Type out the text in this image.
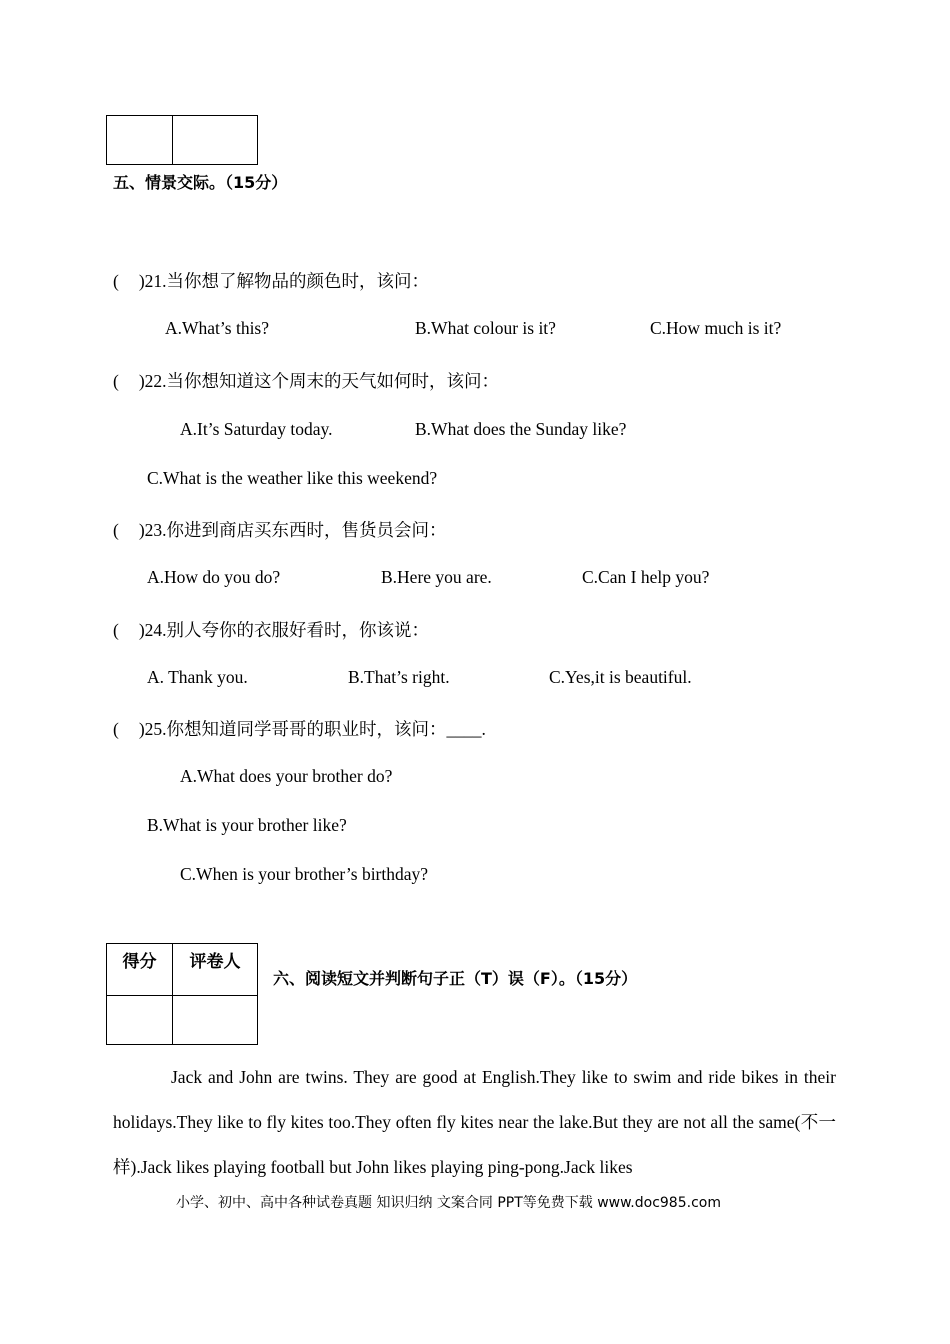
五、情景交际。（15分）
( )21.当你想了解物品的颜色时，该问：
A.What’s this?	B.What colour is it?	C.How much is it?
( )22.当你想知道这个周末的天气如何时，该问：
A.It’s Saturday today.	B.What does the Sunday like?
C.What is the weather like this weekend?
( )23.你进到商店买东西时，售货员会问：
A.How do you do?	B.Here you are.	C.Can I help you?
( )24.别人夸你的衣服好看时，你该说：
A. Thank you.	B.That’s right.	C.Yes,it is beautiful.
( )25.你想知道同学哥哥的职业时，该问：____.
A.What does your brother do?
B.What is your brother like?
C.When is your brother’s birthday?
得分	评卷人

六、阅读短文并判断句子正（T）误（F）。（15分）
Jack and John are twins. They are good at English.They like to swim and ride bikes in their holidays.They like to fly kites too.They often fly kites near the lake.But they are not all the same(不一样).Jack likes playing football but John likes playing ping-pong.Jack likes
小学、初中、高中各种试卷真题 知识归纳 文案合同 PPT等免费下载 www.doc985.com
